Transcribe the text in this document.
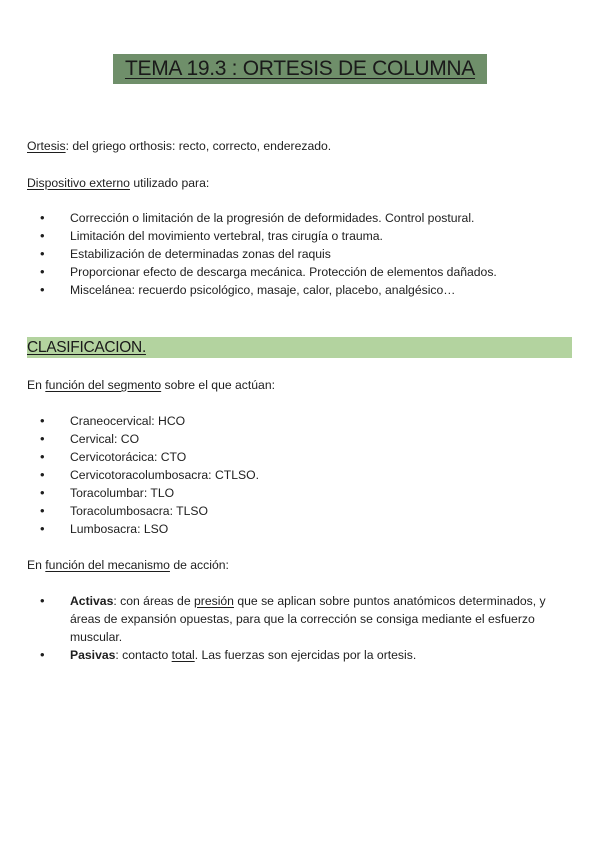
TEMA 19.3 : ORTESIS DE COLUMNA
Ortesis: del griego orthosis: recto, correcto, enderezado.
Dispositivo externo utilizado para:
• Corrección o limitación de la progresión de deformidades. Control postural.
• Limitación del movimiento vertebral, tras cirugía o trauma.
• Estabilización de determinadas zonas del raquis
• Proporcionar efecto de descarga mecánica. Protección de elementos dañados.
• Miscelánea: recuerdo psicológico, masaje, calor, placebo, analgésico…
CLASIFICACION.
En función del segmento sobre el que actúan:
• Craneocervical: HCO
• Cervical: CO
• Cervicotorácica: CTO
• Cervicotoracolumbosacra: CTLSO.
• Toracolumbar: TLO
• Toracolumbosacra: TLSO
• Lumbosacra: LSO
En función del mecanismo de acción:
• Activas: con áreas de presión que se aplican sobre puntos anatómicos determinados, y áreas de expansión opuestas, para que la corrección se consiga mediante el esfuerzo muscular.
• Pasivas: contacto total. Las fuerzas son ejercidas por la ortesis.
